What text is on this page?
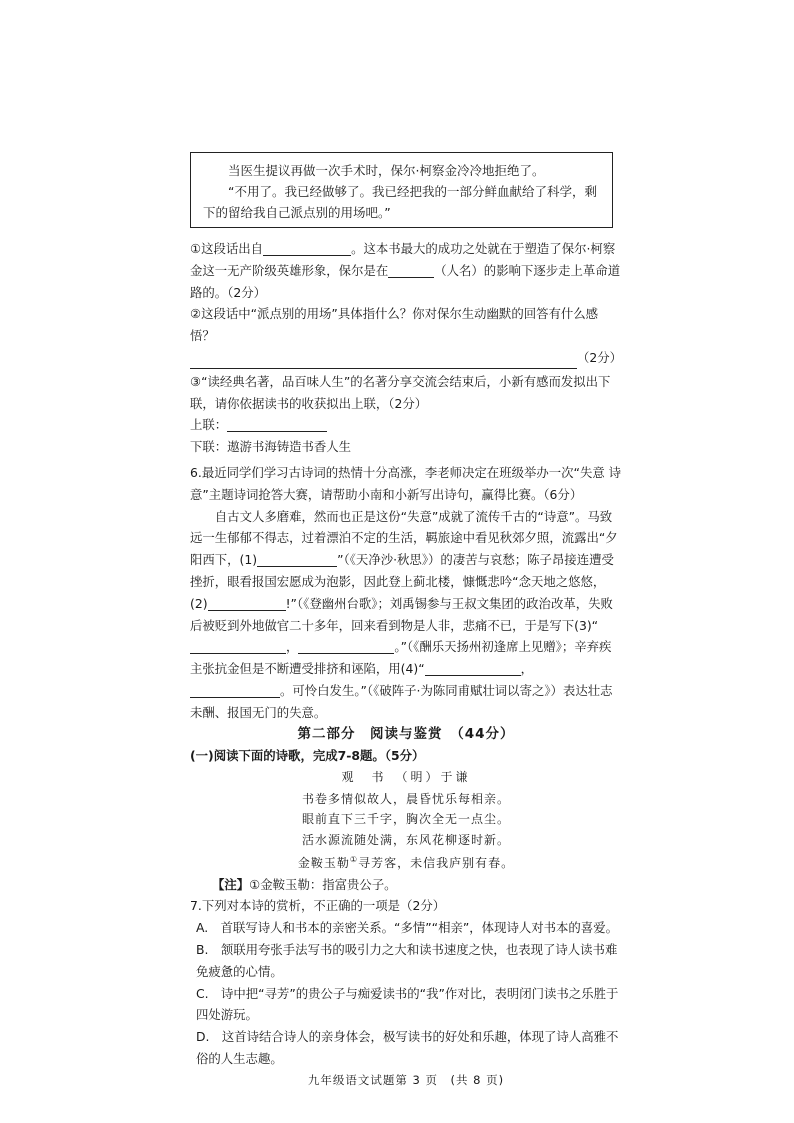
当医生提议再做一次手术时，保尔·柯察金冷冷地拒绝了。

“不用了。我已经做够了。我已经把我的一部分鲜血献给了科学，剩下的留给我自己派点别的用场吧。”

①这段话出自	。这本书最大的成功之处就在于塑造了保尔·柯察金这一无产阶级英雄形象，保尔是在	（人名）的影响下逐步走上革命道路的。（2分）

②这段话中“派点别的用场”具体指什么？你对保尔生动幽默的回答有什么感悟？

（2分）

③“读经典名著，品百味人生”的名著分享交流会结束后，小新有感而发拟出下联，请你依据读书的收获拟出上联，（2分）

上联：

下联：遨游书海铸造书香人生

6.最近同学们学习古诗词的热情十分高涨，李老师决定在班级举办一次“失意 诗意”主题诗词抢答大赛，请帮助小南和小新写出诗句，赢得比赛。（6分）

自古文人多磨难，然而也正是这份“失意”成就了流传千古的“诗意”。马致远一生郁郁不得志，过着漂泊不定的生活，羁旅途中看见秋郊夕照，流露出“夕阳西下，(1)	”（《天净沙·秋思》）的凄苦与哀愁；陈子昂接连遭受挫折，眼看报国宏愿成为泡影，因此登上蓟北楼，慷慨悲吟“念天地之悠悠，(2)	!”（《登幽州台歌》；刘禹锡参与王叔文集团的政治改革，失败后被贬到外地做官二十多年，回来看到物是人非，悲痛不已，于是写下(3)“，	。”（《酬乐天扬州初逢席上见赠》；辛弃疾主张抗金但是不断遭受排挤和诬陷，用(4)“	，。可怜白发生。”（《破阵子·为陈同甫赋壮词以寄之》）表达壮志未酬、报国无门的失意。

第二部分　阅读与鉴赏　（44分）

(一)阅读下面的诗歌，完成7-8题。（5分）

观　书　（明）于谦

书卷多情似故人，晨昏忧乐每相亲。

眼前直下三千字，胸次全无一点尘。

活水源流随处满，东风花柳逐时新。

金鞍玉勒①寻芳客，未信我庐别有春。

【注】①金鞍玉勒：指富贵公子。

7.下列对本诗的赏析，不正确的一项是（2分）

A.　首联写诗人和书本的亲密关系。“多情”“相亲”，体现诗人对书本的喜爱。

B.　颔联用夸张手法写书的吸引力之大和读书速度之快，也表现了诗人读书难免疲惫的心情。

C.　诗中把“寻芳”的贵公子与痴爱读书的“我”作对比，表明闭门读书之乐胜于四处游玩。

D.　这首诗结合诗人的亲身体会，极写读书的好处和乐趣，体现了诗人高雅不俗的人生志趣。

九年级语文试题第 3 页　(共 8 页)
